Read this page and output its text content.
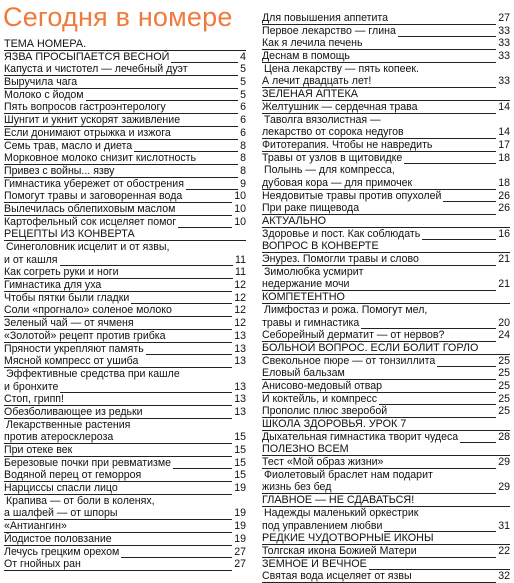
Сегодня в номере
ТЕМА НОМЕРА.
ЯЗВА ПРОСЫПАЕТСЯ ВЕСНОЙ	4
Капуста и чистотел — лечебный дуэт	5
Выручила чага	5
Молоко с йодом	5
Пять вопросов гастроэнтерологу	6
Шунгит и укнит ускорят заживление	6
Если донимают отрыжка и изжога	6
Семь трав, масло и диета	8
Морковное молоко снизит кислотность	8
Привез с войны... язву	8
Гимнастика убережет от обострения	9
Помогут травы и заговоренная вода	10
Вылечилась облепиховым маслом	10
Картофельный сок исцеляет помог	10
РЕЦЕПТЫ ИЗ КОНВЕРТА
Синеголовник исцелит и от язвы,
и от кашля	11
Как согреть руки и ноги	11
Гимнастика для уха	12
Чтобы пятки были гладки	12
Соли «прогнало» соленое молоко	12
Зеленый чай — от ячменя	12
«Золотой» рецепт против грибка	13
Пряности укрепляют память	13
Мясной компресс от ушиба	13
Эффективные средства при кашле
и бронхите	13
Стоп, грипп!	13
Обезболивающее из редьки	13
Лекарственные растения
против атеросклероза	15
При отеке век	15
Березовые почки при ревматизме	15
Водяной перец от геморроя	15
Нарциссы спасли лицо	19
Крапива — от боли в коленях,
а шалфей — от шпоры	19
«Антиангин»	19
Йодистое половзание	19
Лечусь грецким орехом	27
От гнойных ран	27
Для повышения аппетита	27
Первое лекарство — глина	33
Как я лечила печень	33
Деснам в помощь	33
Цена лекарству — пять копеек.
А лечит двадцать лет!	33
ЗЕЛЕНАЯ АПТЕКА
Желтушник — сердечная трава	14
Таволга вязолистная —
лекарство от сорока недугов	14
Фитотерапия. Чтобы не навредить	17
Травы от узлов в щитовидке	18
Полынь — для компресса,
дубовая кора — для примочек	18
Неядовитые травы против опухолей	26
При раке пищевода	26
АКТУАЛЬНО
Здоровье и пост. Как соблюдать	16
ВОПРОС В КОНВЕРТЕ
Энурез. Помогли травы и слово	21
Зимолюбка усмирит
недержание мочи	21
КОМПЕТЕНТНО
Лимфостаз и рожа. Помогут мел,
травы и гимнастика	20
Себорейный дерматит — от нервов?	24
БОЛЬНОЙ ВОПРОС. ЕСЛИ БОЛИТ ГОРЛО
Свекольное пюре — от тонзиллита	25
Еловый бальзам	25
Анисово-медовый отвар	25
И коктейль, и компресс	25
Прополис плюс зверобой	25
ШКОЛА ЗДОРОВЬЯ. УРОК 7
Дыхательная гимнастика творит чудеса	28
ПОЛЕЗНО ВСЕМ
Тест «Мой образ жизни»	29
Фиолетовый браслет нам подарит
жизнь без бед	29
ГЛАВНОЕ — НЕ СДАВАТЬСЯ!
Надежды маленький оркестрик
под управлением любви	31
РЕДКИЕ ЧУДОТВОРНЫЕ ИКОНЫ
Толгская икона Божией Матери	22
ЗЕМНОЕ И ВЕЧНОЕ
Святая вода исцеляет от язвы	32
